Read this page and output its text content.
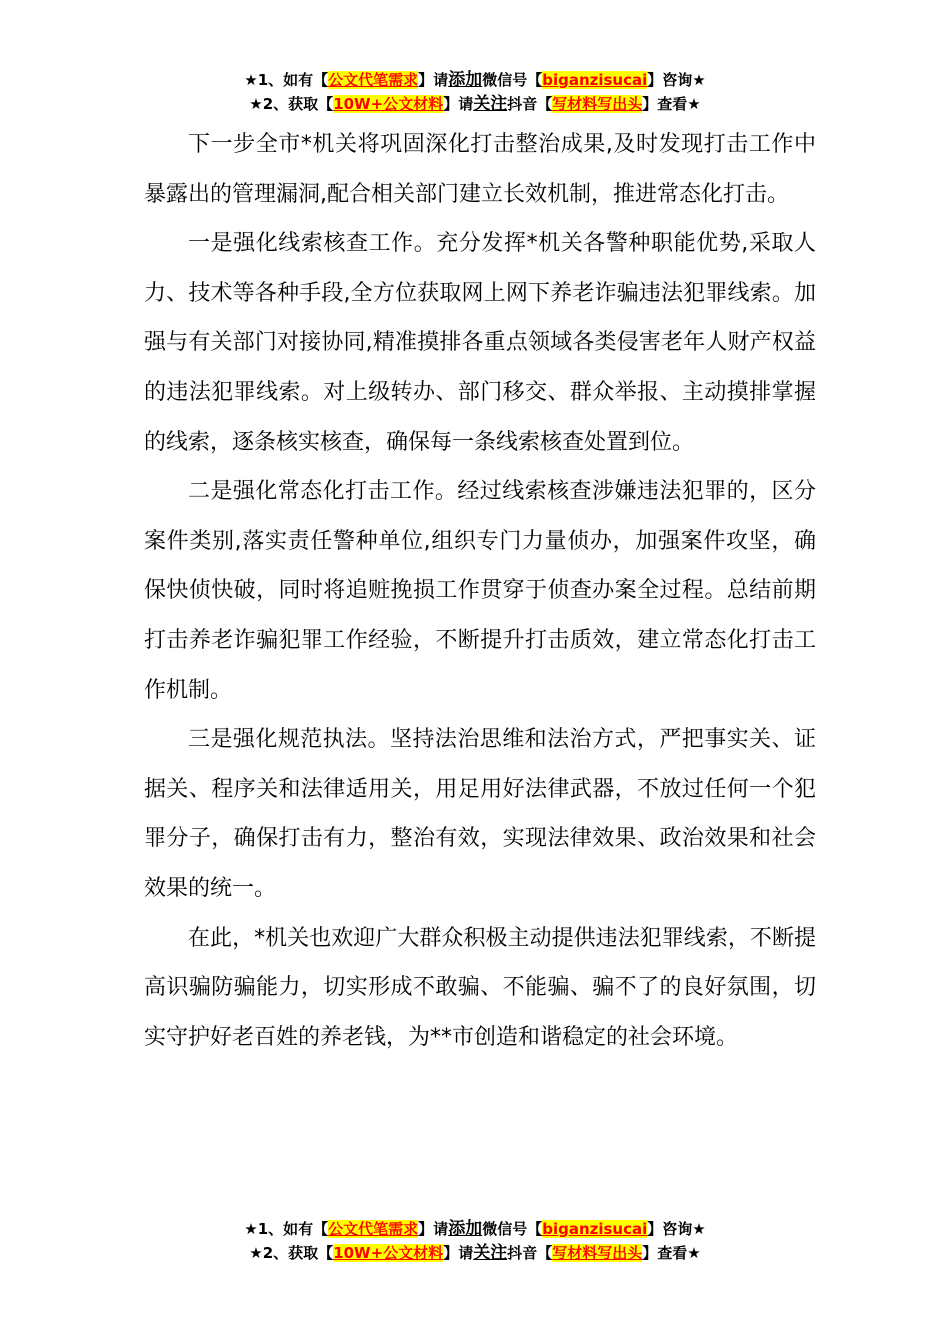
★1、如有【公文代笔需求】请添加微信号【biganzisucai】咨询★
★2、获取【10W+公文材料】请关注抖音【写材料写出头】查看★

下一步全市*机关将巩固深化打击整治成果,及时发现打击工作中暴露出的管理漏洞,配合相关部门建立长效机制，推进常态化打击。

一是强化线索核查工作。充分发挥*机关各警种职能优势,采取人力、技术等各种手段,全方位获取网上网下养老诈骗违法犯罪线索。加强与有关部门对接协同,精准摸排各重点领域各类侵害老年人财产权益的违法犯罪线索。对上级转办、部门移交、群众举报、主动摸排掌握的线索，逐条核实核查，确保每一条线索核查处置到位。

二是强化常态化打击工作。经过线索核查涉嫌违法犯罪的，区分案件类别,落实责任警种单位,组织专门力量侦办，加强案件攻坚，确保快侦快破，同时将追赃挽损工作贯穿于侦查办案全过程。总结前期打击养老诈骗犯罪工作经验，不断提升打击质效，建立常态化打击工作机制。

三是强化规范执法。坚持法治思维和法治方式，严把事实关、证据关、程序关和法律适用关，用足用好法律武器，不放过任何一个犯罪分子，确保打击有力，整治有效，实现法律效果、政治效果和社会效果的统一。

在此，*机关也欢迎广大群众积极主动提供违法犯罪线索，不断提高识骗防骗能力，切实形成不敢骗、不能骗、骗不了的良好氛围，切实守护好老百姓的养老钱，为**市创造和谐稳定的社会环境。

★1、如有【公文代笔需求】请添加微信号【biganzisucai】咨询★
★2、获取【10W+公文材料】请关注抖音【写材料写出头】查看★
